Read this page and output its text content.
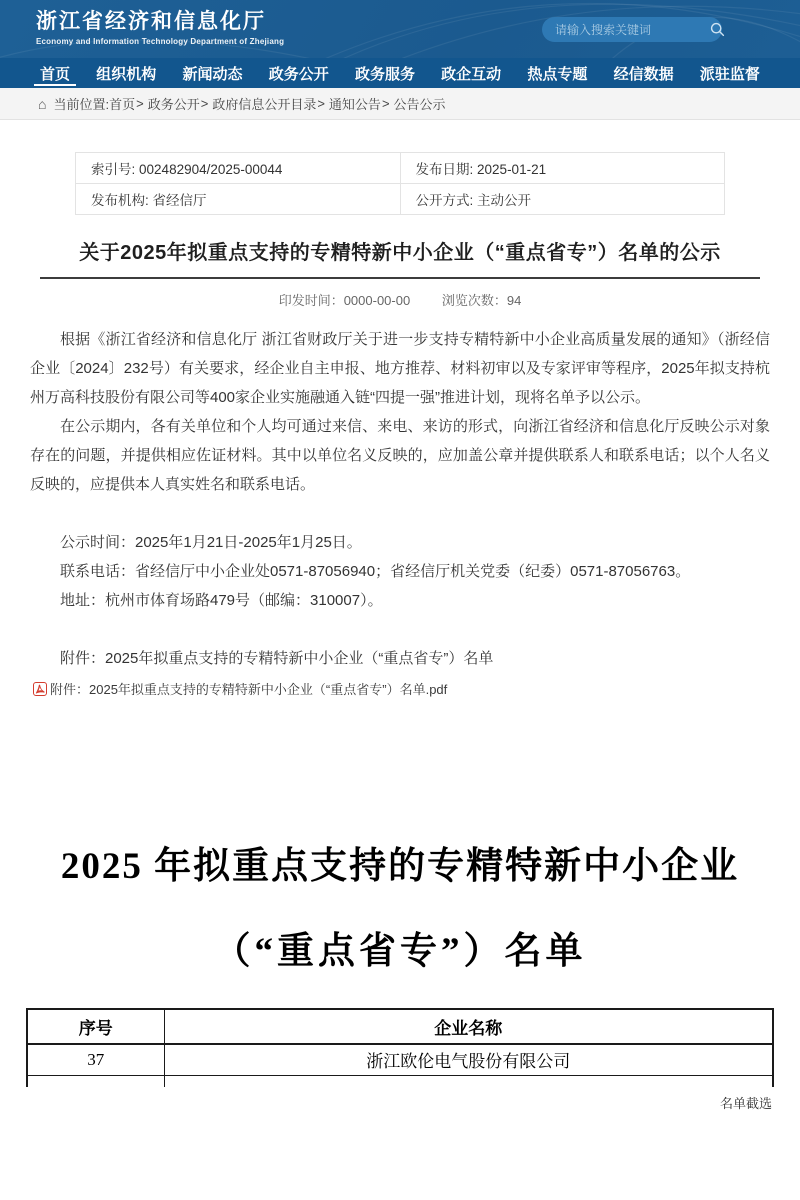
浙江省经济和信息化厅
Economy and Information Technology Department of Zhejiang
请输入搜索关键词
首页	组织机构	新闻动态	政务公开	政务服务	政企互动	热点专题	经信数据	派驻监督
⌂ 当前位置: 首页 > 政务公开 > 政府信息公开目录 > 通知公告 > 公告公示
索引号: 002482904/2025-00044	发布日期: 2025-01-21
发布机构: 省经信厅	公开方式: 主动公开
关于2025年拟重点支持的专精特新中小企业（“重点省专”）名单的公示
印发时间：0000-00-00 浏览次数：94

根据《浙江省经济和信息化厅 浙江省财政厅关于进一步支持专精特新中小企业高质量发展的通知》（浙经信企业〔2024〕232号）有关要求，经企业自主申报、地方推荐、材料初审以及专家评审等程序，2025年拟支持杭州万高科技股份有限公司等400家企业实施融通入链“四提一强”推进计划，现将名单予以公示。

在公示期内，各有关单位和个人均可通过来信、来电、来访的形式，向浙江省经济和信息化厅反映公示对象存在的问题，并提供相应佐证材料。其中以单位名义反映的，应加盖公章并提供联系人和联系电话；以个人名义反映的，应提供本人真实姓名和联系电话。

公示时间：2025年1月21日-2025年1月25日。
联系电话：省经信厅中小企业处0571-87056940；省经信厅机关党委（纪委）0571-87056763。
地址：杭州市体育场路479号（邮编：310007）。
附件：2025年拟重点支持的专精特新中小企业（“重点省专”）名单
附件：2025年拟重点支持的专精特新中小企业（“重点省专”）名单.pdf
2025 年拟重点支持的专精特新中小企业
（“重点省专”）名单
序号	企业名称
37	浙江欧伦电气股份有限公司

名单截选
